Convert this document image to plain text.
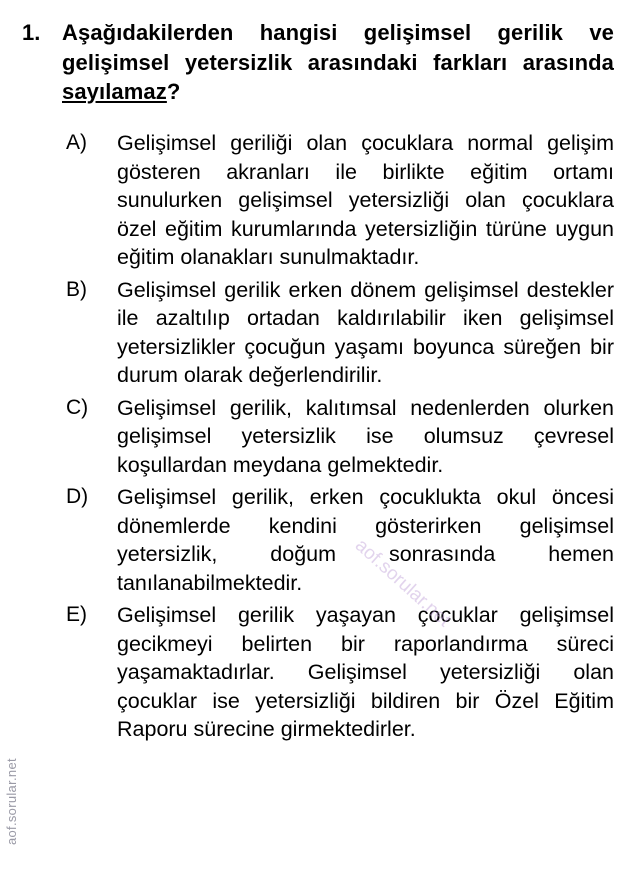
1. Aşağıdakilerden hangisi gelişimsel gerilik ve gelişimsel yetersizlik arasındaki farkları arasında sayılamaz?
A) Gelişimsel geriliği olan çocuklara normal gelişim gösteren akranları ile birlikte eğitim ortamı sunulurken gelişimsel yetersizliği olan çocuklara özel eğitim kurumlarında yetersizliğin türüne uygun eğitim olanakları sunulmaktadır.
B) Gelişimsel gerilik erken dönem gelişimsel destekler ile azaltılıp ortadan kaldırılabilir iken gelişimsel yetersizlikler çocuğun yaşamı boyunca süreğen bir durum olarak değerlendirilir.
C) Gelişimsel gerilik, kalıtımsal nedenlerden olurken gelişimsel yetersizlik ise olumsuz çevresel koşullardan meydana gelmektedir.
D) Gelişimsel gerilik, erken çocuklukta okul öncesi dönemlerde kendini gösterirken gelişimsel yetersizlik, doğum sonrasında hemen tanılanabilmektedir.
E) Gelişimsel gerilik yaşayan çocuklar gelişimsel gecikmeyi belirten bir raporlandırma süreci yaşamaktadırlar. Gelişimsel yetersizliği olan çocuklar ise yetersizliği bildiren bir Özel Eğitim Raporu sürecine girmektedirler.
aof.sorular.net
aof.sorular.net
